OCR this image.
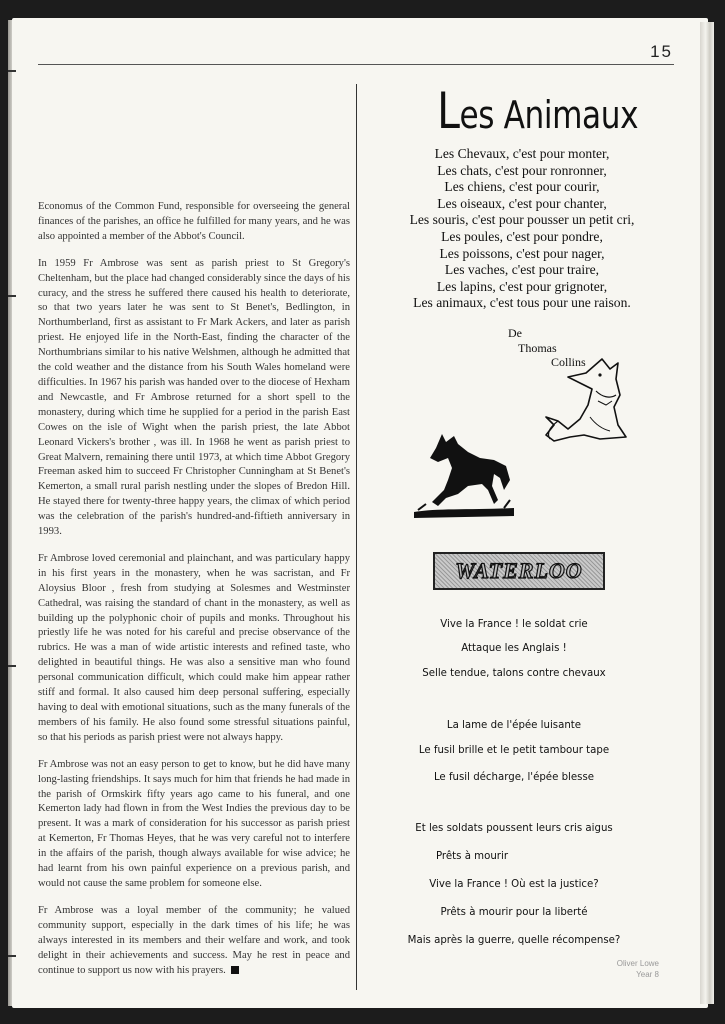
15

Economus of the Common Fund, responsible for overseeing the general finances of the parishes, an office he fulfilled for many years, and he was also appointed a member of the Abbot's Council.

In 1959 Fr Ambrose was sent as parish priest to St Gregory's Cheltenham, but the place had changed considerably since the days of his curacy, and the stress he suffered there caused his health to deteriorate, so that two years later he was sent to St Benet's, Bedlington, in Northumberland, first as assistant to Fr Mark Ackers, and later as parish priest. He enjoyed life in the North-East, finding the character of the Northumbrians similar to his native Welshmen, although he admitted that the cold weather and the distance from his South Wales homeland were difficulties. In 1967 his parish was handed over to the diocese of Hexham and Newcastle, and Fr Ambrose returned for a short spell to the monastery, during which time he supplied for a period in the parish East Cowes on the isle of Wight when the parish priest, the late Abbot Leonard Vickers's brother , was ill. In 1968 he went as parish priest to Great Malvern, remaining there until 1973, at which time Abbot Gregory Freeman asked him to succeed Fr Christopher Cunningham at St Benet's Kemerton, a small rural parish nestling under the slopes of Bredon Hill. He stayed there for twenty-three happy years, the climax of which period was the celebration of the parish's hundred-and-fiftieth anniversary in 1993.

Fr Ambrose loved ceremonial and plainchant, and was particulary happy in his first years in the monastery, when he was sacristan, and Fr Aloysius Bloor , fresh from studying at Solesmes and Westminster Cathedral, was raising the standard of chant in the monastery, as well as building up the polyphonic choir of pupils and monks. Throughout his priestly life he was noted for his careful and precise observance of the rubrics. He was a man of wide artistic interests and refined taste, who delighted in beautiful things. He was also a sensitive man who found personal communication difficult, which could make him appear rather stiff and formal. It also caused him deep personal suffering, especially having to deal with emotional situations, such as the many funerals of the members of his family. He also found some stressful situations painful, so that his periods as parish priest were not always happy.

Fr Ambrose was not an easy person to get to know, but he did have many long-lasting friendships. It says much for him that friends he had made in the parish of Ormskirk fifty years ago came to his funeral, and one Kemerton lady had flown in from the West Indies the previous day to be present. It was a mark of consideration for his successor as parish priest at Kemerton, Fr Thomas Heyes, that he was very careful not to interfere in the affairs of the parish, though always available for wise advice; he had learnt from his own painful experience on a previous parish, and would not cause the same problem for someone else.

Fr Ambrose was a loyal member of the community; he valued community support, especially in the dark times of his life; he was always interested in its members and their welfare and work, and took delight in their achievements and success. May he rest in peace and continue to support us now with his prayers.

Les Animaux
Les Chevaux, c'est pour monter,
Les chats, c'est pour ronronner,
Les chiens, c'est pour courir,
Les oiseaux, c'est pour chanter,
Les souris, c'est pour pousser un petit cri,
Les poules, c'est pour pondre,
Les poissons, c'est pour nager,
Les vaches, c'est pour traire,
Les lapins, c'est pour grignoter,
Les animaux, c'est tous pour une raison.
De
Thomas
Collins
WATERLOO
Vive la France ! le soldat crie
Attaque les Anglais !
Selle tendue, talons contre chevaux
La lame de l'épée luisante
Le fusil brille et le petit tambour tape
Le fusil décharge, l'épée blesse
Et les soldats poussent leurs cris aigus
Prêts à mourir
Vive la France ! Où est la justice?
Prêts à mourir pour la liberté
Mais après la guerre, quelle récompense?
Oliver Lowe
Year 8
